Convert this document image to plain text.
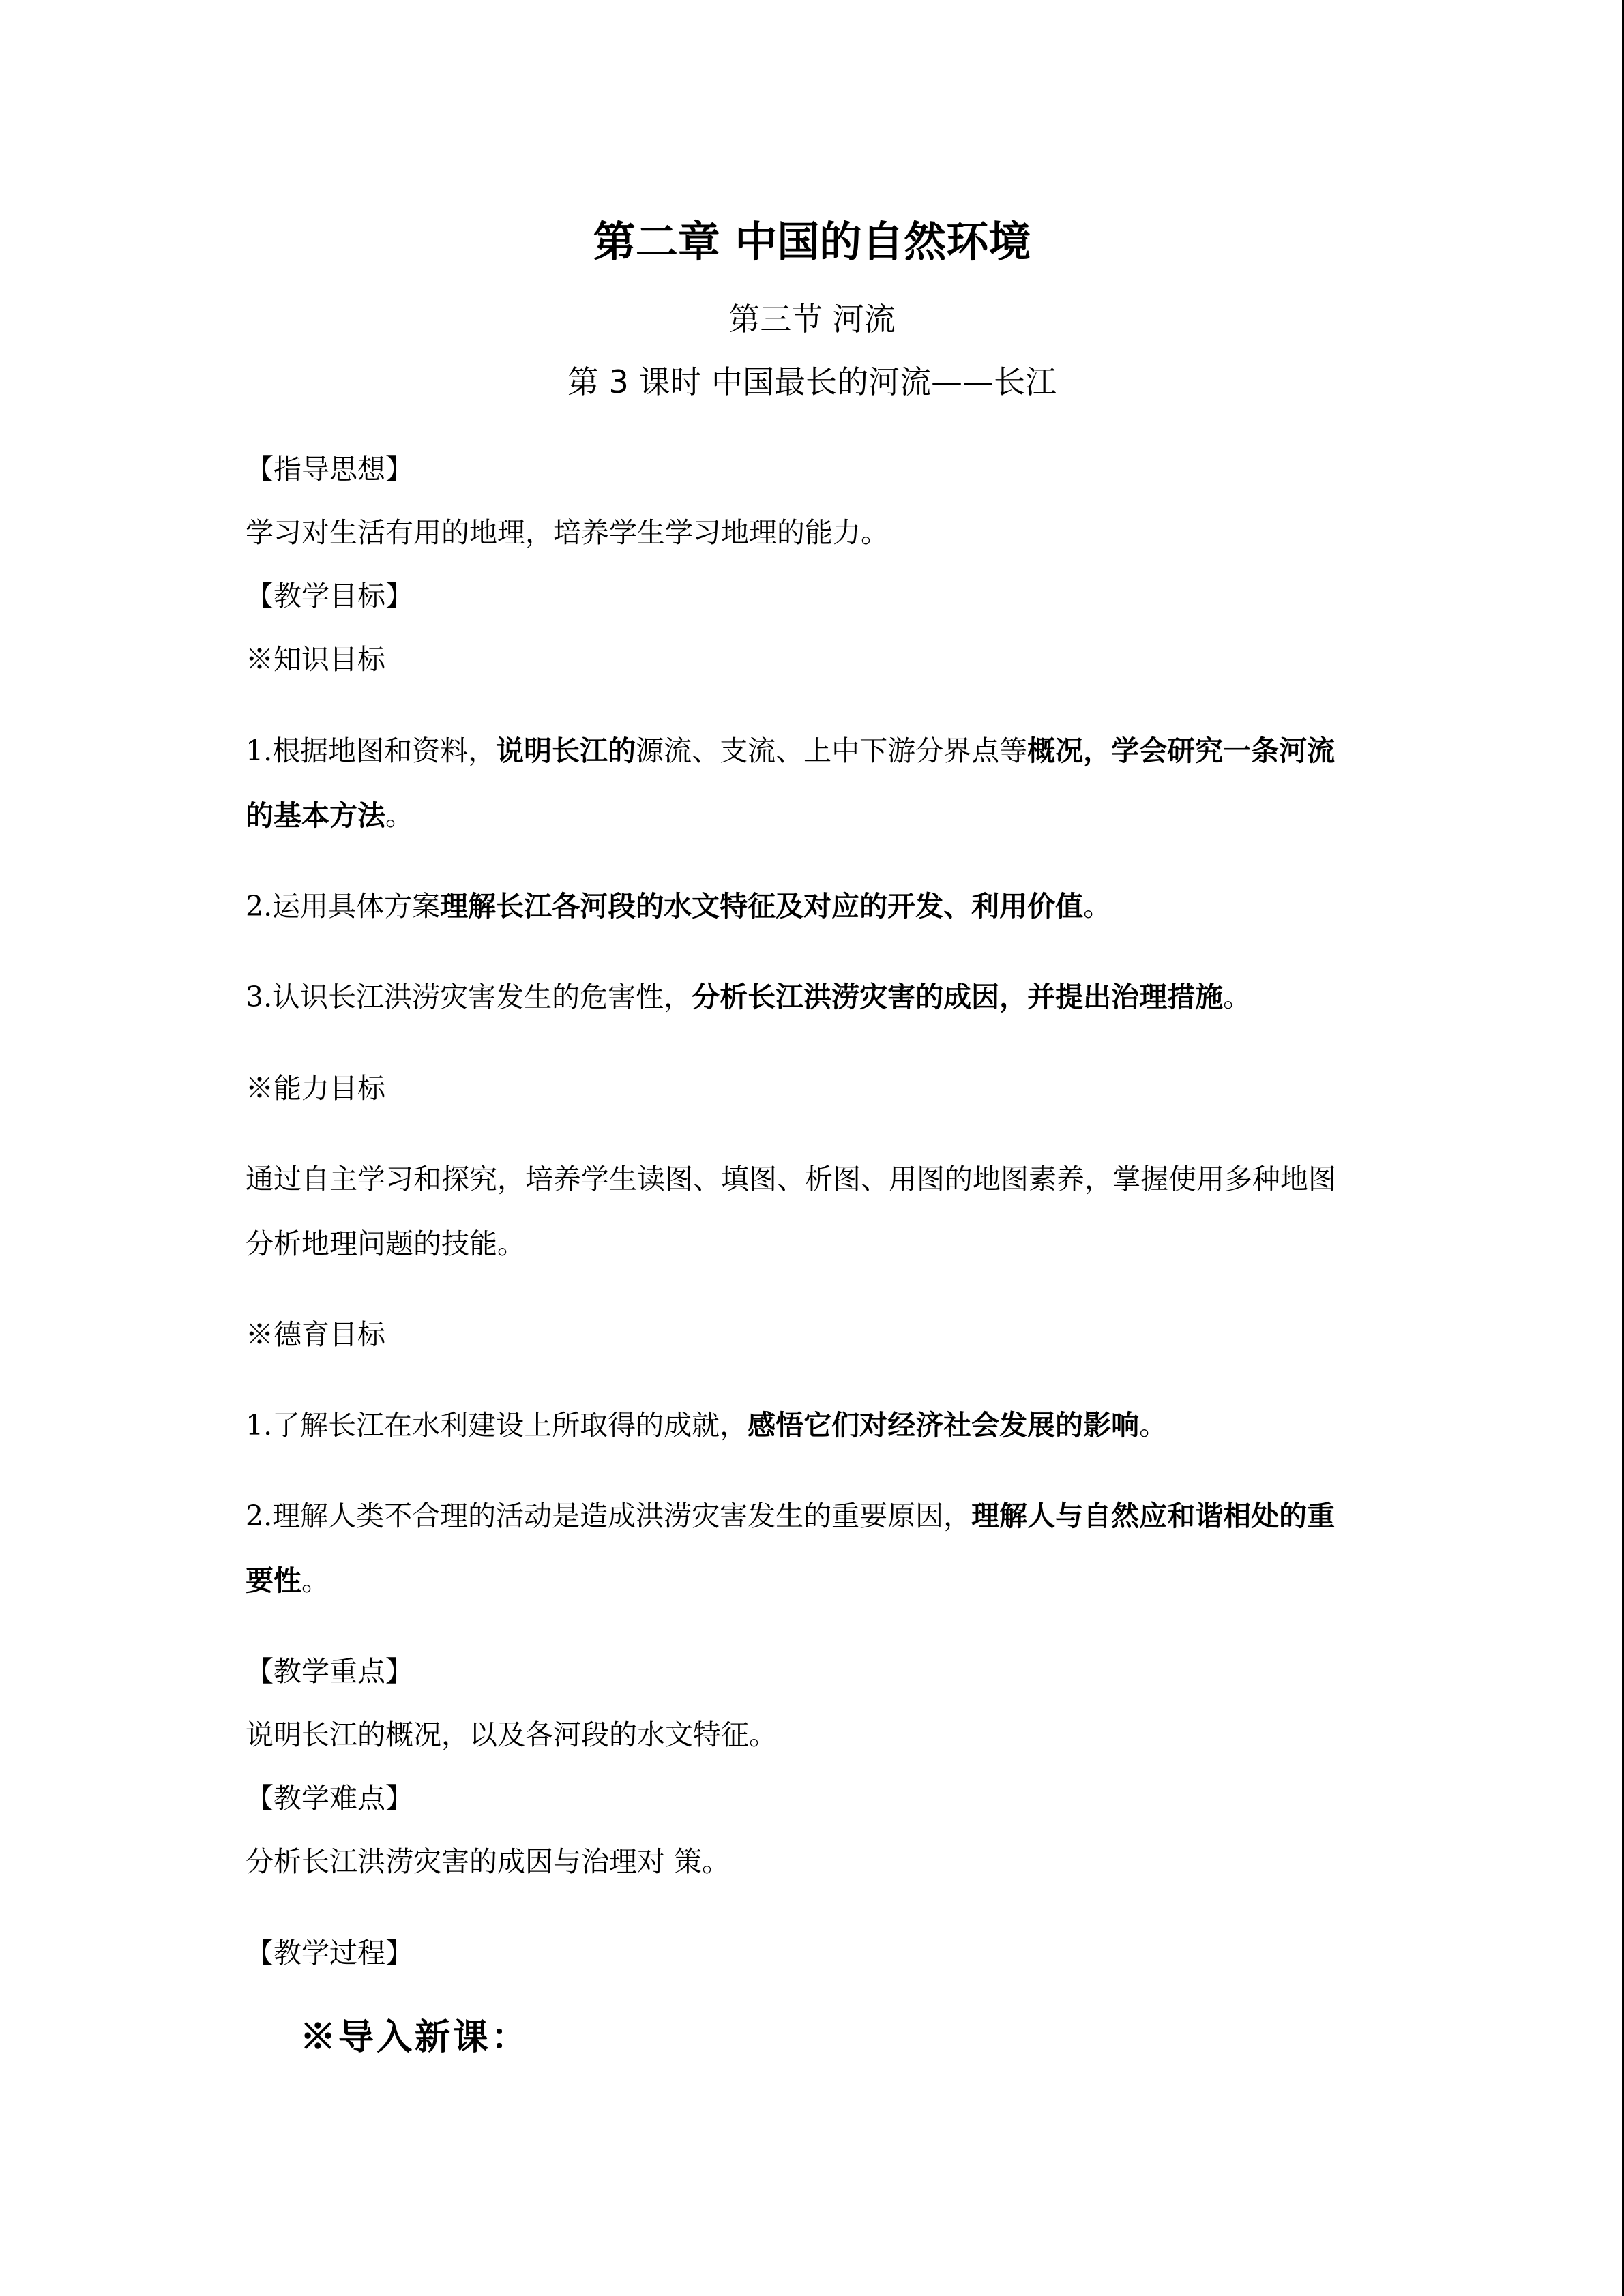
第二章 中国的自然环境
第三节 河流
第 3 课时 中国最长的河流——长江
【指导思想】
学习对生活有用的地理，培养学生学习地理的能力。
【教学目标】
※知识目标
1.根据地图和资料，说明长江的源流、支流、上中下游分界点等概况，学会研究一条河流
的基本方法。
2.运用具体方案理解长江各河段的水文特征及对应的开发、利用价值。
3.认识长江洪涝灾害发生的危害性，分析长江洪涝灾害的成因，并提出治理措施。
※能力目标
通过自主学习和探究，培养学生读图、填图、析图、用图的地图素养，掌握使用多种地图
分析地理问题的技能。
※德育目标
1.了解长江在水利建设上所取得的成就，感悟它们对经济社会发展的影响。
2.理解人类不合理的活动是造成洪涝灾害发生的重要原因，理解人与自然应和谐相处的重
要性。
【教学重点】
说明长江的概况，以及各河段的水文特征。
【教学难点】
分析长江洪涝灾害的成因与治理对 策。
【教学过程】
※导入新课：
